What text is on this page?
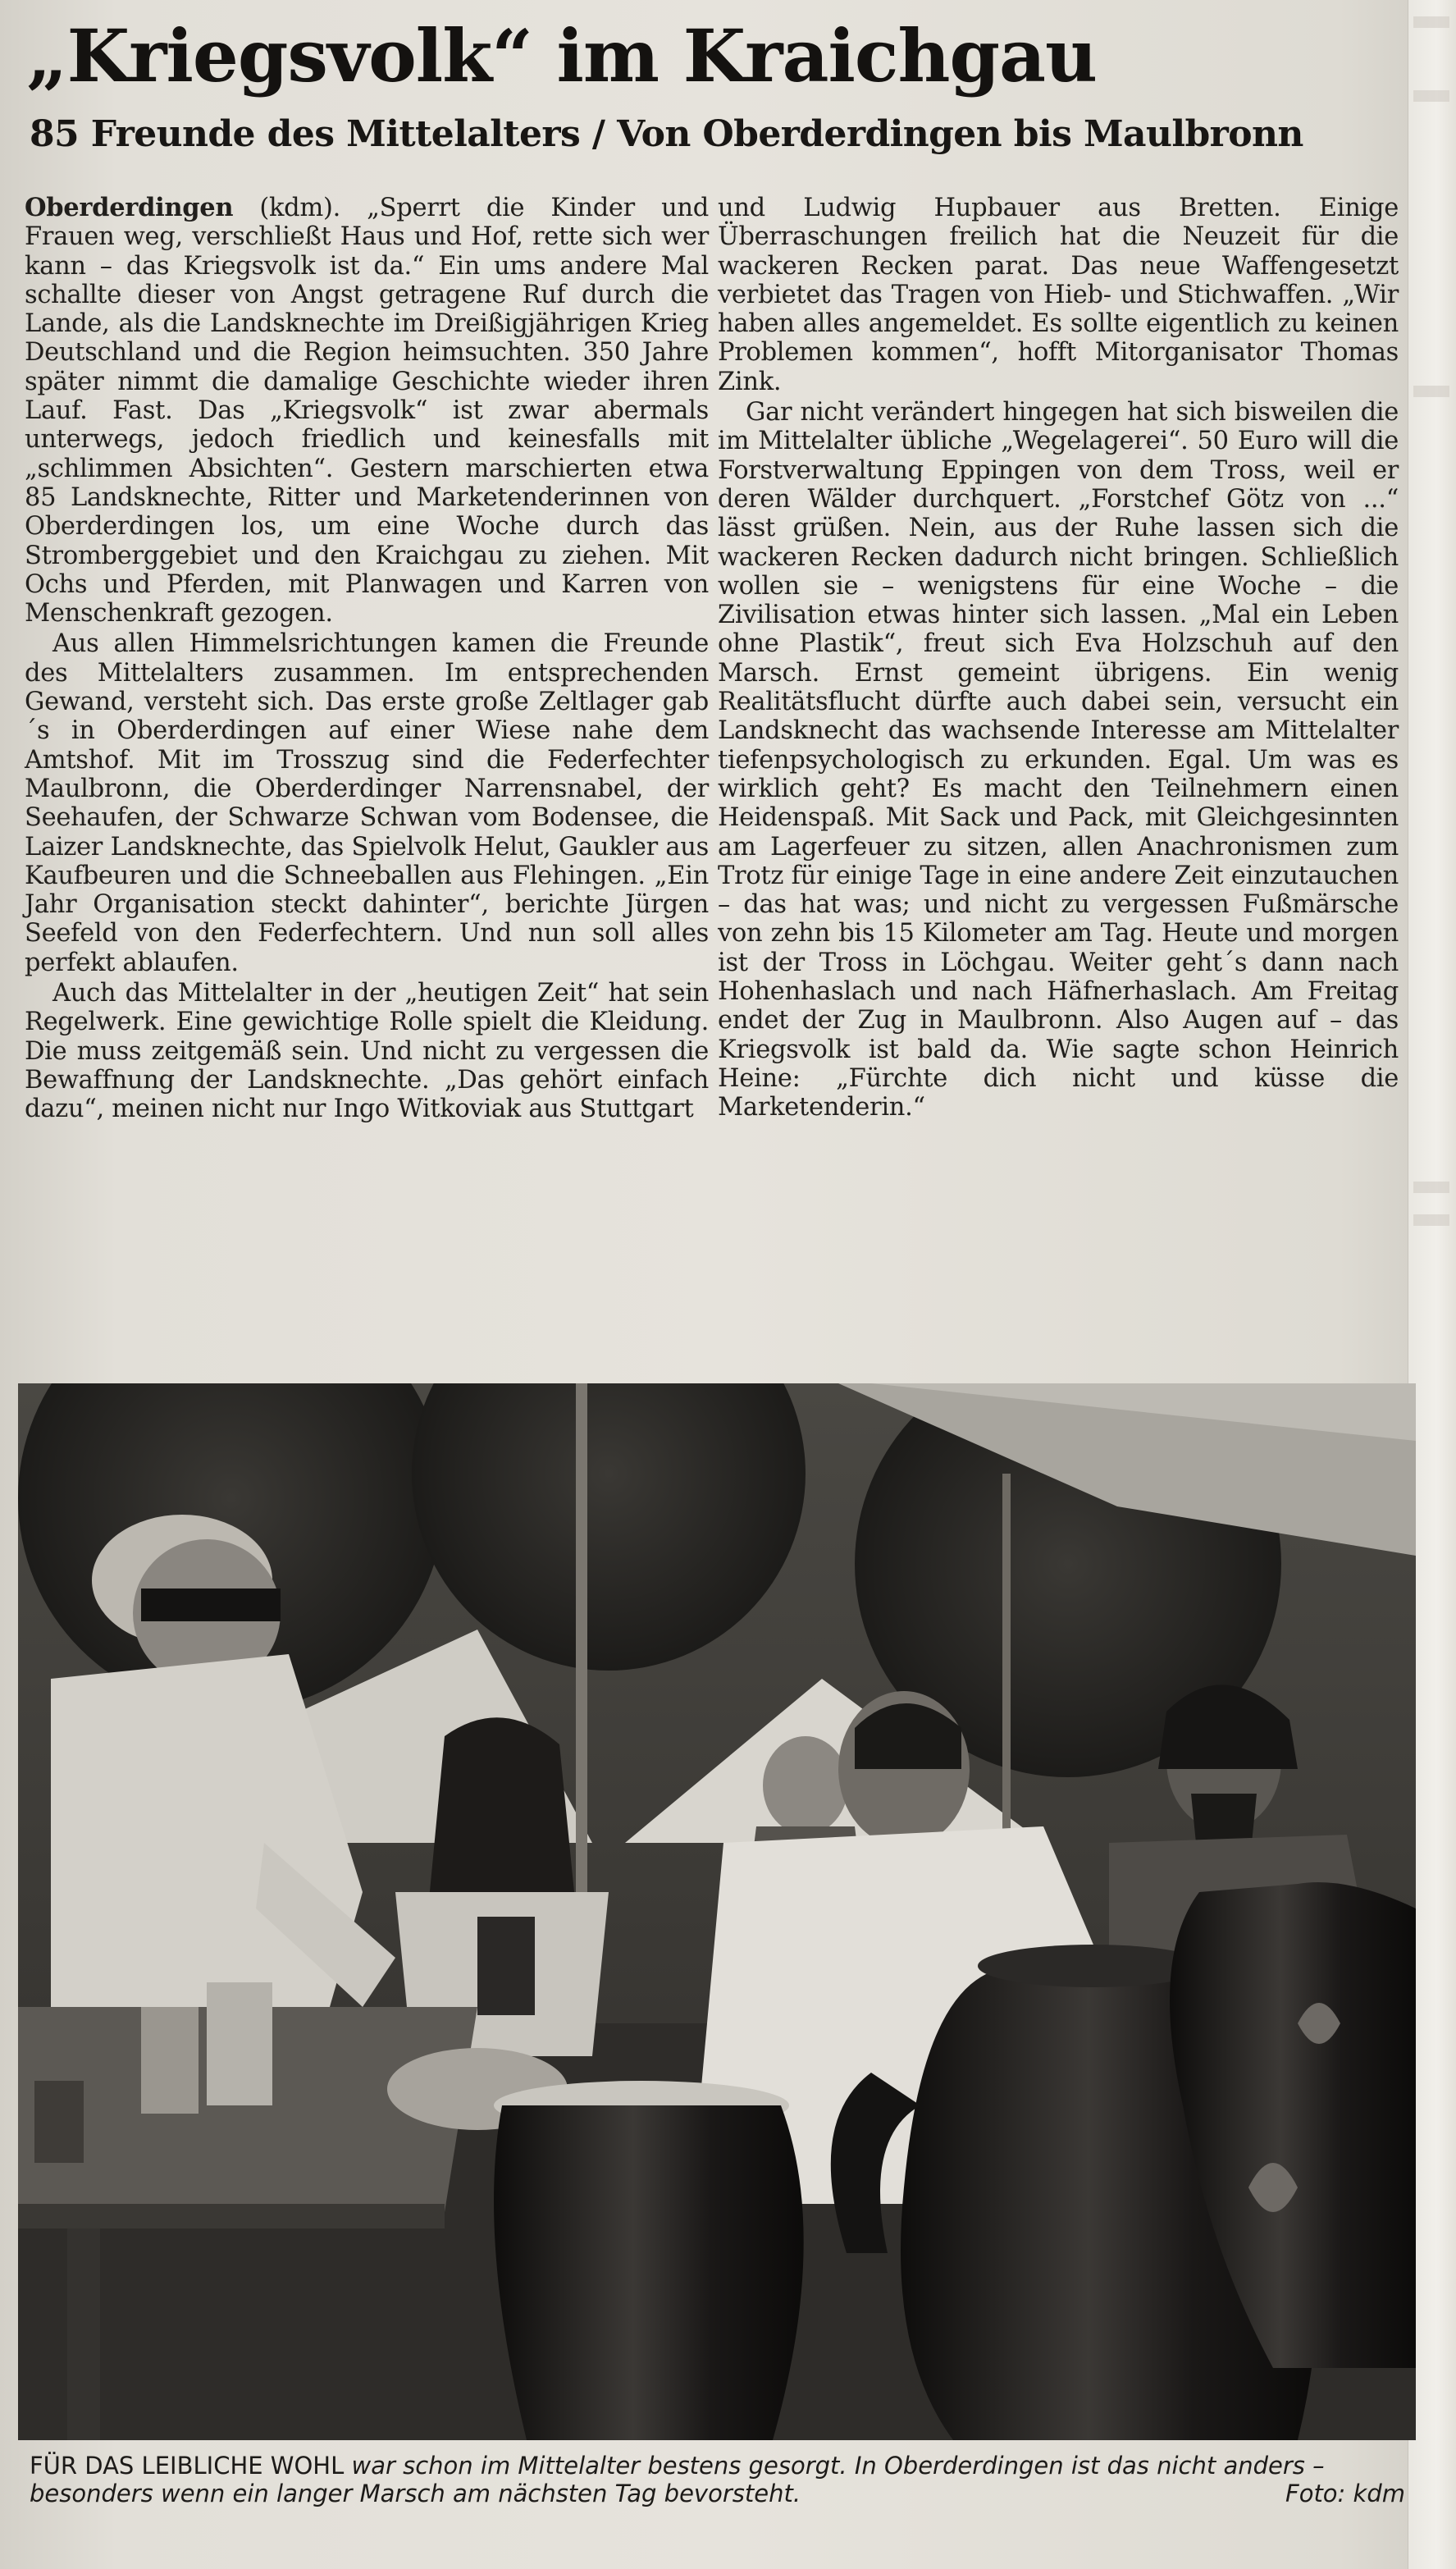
„Kriegsvolk“ im Kraichgau
85 Freunde des Mittelalters / Von Oberderdingen bis Maulbronn

Oberderdingen (kdm). „Sperrt die Kinder und Frauen weg, verschließt Haus und Hof, rette sich wer kann – das Kriegsvolk ist da.“ Ein ums andere Mal schallte dieser von Angst getragene Ruf durch die Lande, als die Landsknechte im Dreißigjährigen Krieg Deutschland und die Region heimsuchten. 350 Jahre später nimmt die damalige Geschichte wieder ihren Lauf. Fast. Das „Kriegsvolk“ ist zwar abermals unterwegs, jedoch friedlich und keinesfalls mit „schlimmen Absichten“. Gestern marschierten etwa 85 Landsknechte, Ritter und Marketenderinnen von Oberderdingen los, um eine Woche durch das Stromberggebiet und den Kraichgau zu ziehen. Mit Ochs und Pferden, mit Planwagen und Karren von Menschenkraft gezogen.

Aus allen Himmelsrichtungen kamen die Freunde des Mittelalters zusammen. Im entsprechenden Gewand, versteht sich. Das erste große Zeltlager gab´s in Oberderdingen auf einer Wiese nahe dem Amtshof. Mit im Trosszug sind die Federfechter Maulbronn, die Oberderdinger Narrensnabel, der Seehaufen, der Schwarze Schwan vom Bodensee, die Laizer Landsknechte, das Spielvolk Helut, Gaukler aus Kaufbeuren und die Schneeballen aus Flehingen. „Ein Jahr Organisation steckt dahinter“, berichte Jürgen Seefeld von den Federfechtern. Und nun soll alles perfekt ablaufen.

Auch das Mittelalter in der „heutigen Zeit“ hat sein Regelwerk. Eine gewichtige Rolle spielt die Kleidung. Die muss zeitgemäß sein. Und nicht zu vergessen die Bewaffnung der Landsknechte. „Das gehört einfach dazu“, meinen nicht nur Ingo Witkoviak aus Stuttgart

und Ludwig Hupbauer aus Bretten. Einige Überraschungen freilich hat die Neuzeit für die wackeren Recken parat. Das neue Waffengesetzt verbietet das Tragen von Hieb- und Stichwaffen. „Wir haben alles angemeldet. Es sollte eigentlich zu keinen Problemen kommen“, hofft Mitorganisator Thomas Zink.

Gar nicht verändert hingegen hat sich bisweilen die im Mittelalter übliche „Wegelagerei“. 50 Euro will die Forstverwaltung Eppingen von dem Tross, weil er deren Wälder durchquert. „Forstchef Götz von ...“ lässt grüßen. Nein, aus der Ruhe lassen sich die wackeren Recken dadurch nicht bringen. Schließlich wollen sie – wenigstens für eine Woche – die Zivilisation etwas hinter sich lassen. „Mal ein Leben ohne Plastik“, freut sich Eva Holzschuh auf den Marsch. Ernst gemeint übrigens. Ein wenig Realitätsflucht dürfte auch dabei sein, versucht ein Landsknecht das wachsende Interesse am Mittelalter tiefenpsychologisch zu erkunden. Egal. Um was es wirklich geht? Es macht den Teilnehmern einen Heidenspaß. Mit Sack und Pack, mit Gleichgesinnten am Lagerfeuer zu sitzen, allen Anachronismen zum Trotz für einige Tage in eine andere Zeit einzutauchen – das hat was; und nicht zu vergessen Fußmärsche von zehn bis 15 Kilometer am Tag. Heute und morgen ist der Tross in Löchgau. Weiter geht´s dann nach Hohenhaslach und nach Häfnerhaslach. Am Freitag endet der Zug in Maulbronn. Also Augen auf – das Kriegsvolk ist bald da. Wie sagte schon Heinrich Heine: „Fürchte dich nicht und küsse die Marketenderin.“

FÜR DAS LEIBLICHE WOHL war schon im Mittelalter bestens gesorgt. In Oberderdingen ist das nicht anders – besonders wenn ein langer Marsch am nächsten Tag bevorsteht.	Foto: kdm
